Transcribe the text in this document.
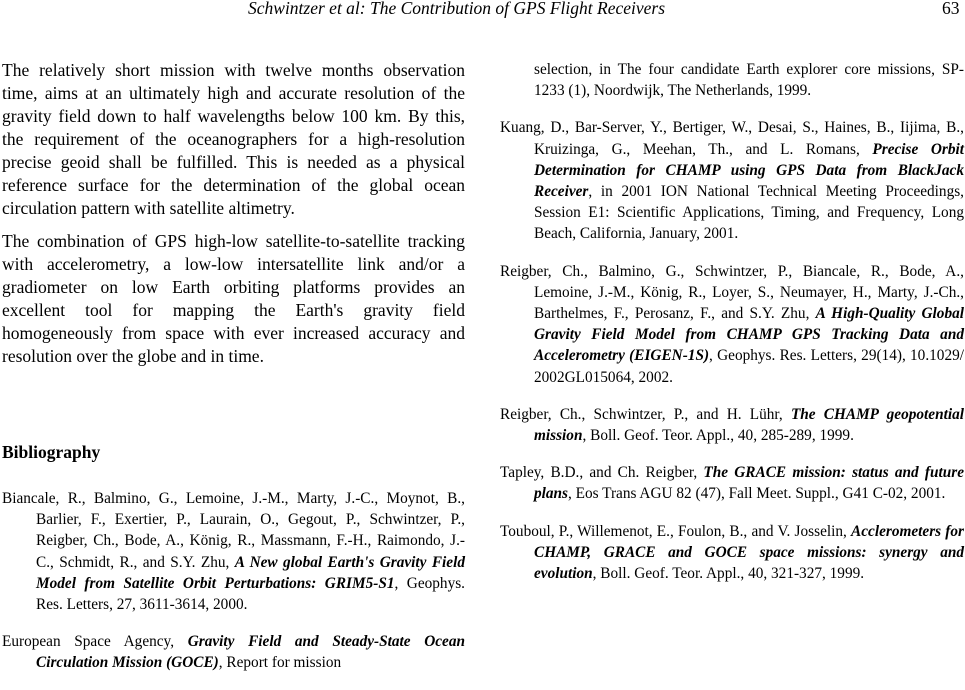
Schwintzer et al: The Contribution of GPS Flight Receivers	63

The relatively short mission with twelve months observation time, aims at an ultimately high and accurate resolution of the gravity field down to half wavelengths below 100 km. By this, the requirement of the oceanographers for a high-resolution precise geoid shall be fulfilled. This is needed as a physical reference surface for the determination of the global ocean circulation pattern with satellite altimetry.

The combination of GPS high-low satellite-to-satellite tracking with accelerometry, a low-low intersatellite link and/or a gradiometer on low Earth orbiting platforms provides an excellent tool for mapping the Earth's gravity field homogeneously from space with ever increased accuracy and resolution over the globe and in time.

Bibliography

Biancale, R., Balmino, G., Lemoine, J.-M., Marty, J.-C., Moynot, B., Barlier, F., Exertier, P., Laurain, O., Gegout, P., Schwintzer, P., Reigber, Ch., Bode, A., König, R., Massmann, F.-H., Raimondo, J.-C., Schmidt, R., and S.Y. Zhu, A New global Earth's Gravity Field Model from Satellite Orbit Perturbations: GRIM5-S1, Geophys. Res. Letters, 27, 3611-3614, 2000.

European Space Agency, Gravity Field and Steady-State Ocean Circulation Mission (GOCE), Report for mission

selection, in The four candidate Earth explorer core missions, SP-1233 (1), Noordwijk, The Netherlands, 1999.

Kuang, D., Bar-Server, Y., Bertiger, W., Desai, S., Haines, B., Iijima, B., Kruizinga, G., Meehan, Th., and L. Romans, Precise Orbit Determination for CHAMP using GPS Data from BlackJack Receiver, in 2001 ION National Technical Meeting Proceedings, Session E1: Scientific Applications, Timing, and Frequency, Long Beach, California, January, 2001.

Reigber, Ch., Balmino, G., Schwintzer, P., Biancale, R., Bode, A., Lemoine, J.-M., König, R., Loyer, S., Neumayer, H., Marty, J.-Ch., Barthelmes, F., Perosanz, F., and S.Y. Zhu, A High-Quality Global Gravity Field Model from CHAMP GPS Tracking Data and Accelerometry (EIGEN-1S), Geophys. Res. Letters, 29(14), 10.1029/ 2002GL015064, 2002.

Reigber, Ch., Schwintzer, P., and H. Lühr, The CHAMP geopotential mission, Boll. Geof. Teor. Appl., 40, 285-289, 1999.

Tapley, B.D., and Ch. Reigber, The GRACE mission: status and future plans, Eos Trans AGU 82 (47), Fall Meet. Suppl., G41 C-02, 2001.

Touboul, P., Willemenot, E., Foulon, B., and V. Josselin, Acclerometers for CHAMP, GRACE and GOCE space missions: synergy and evolution, Boll. Geof. Teor. Appl., 40, 321-327, 1999.
